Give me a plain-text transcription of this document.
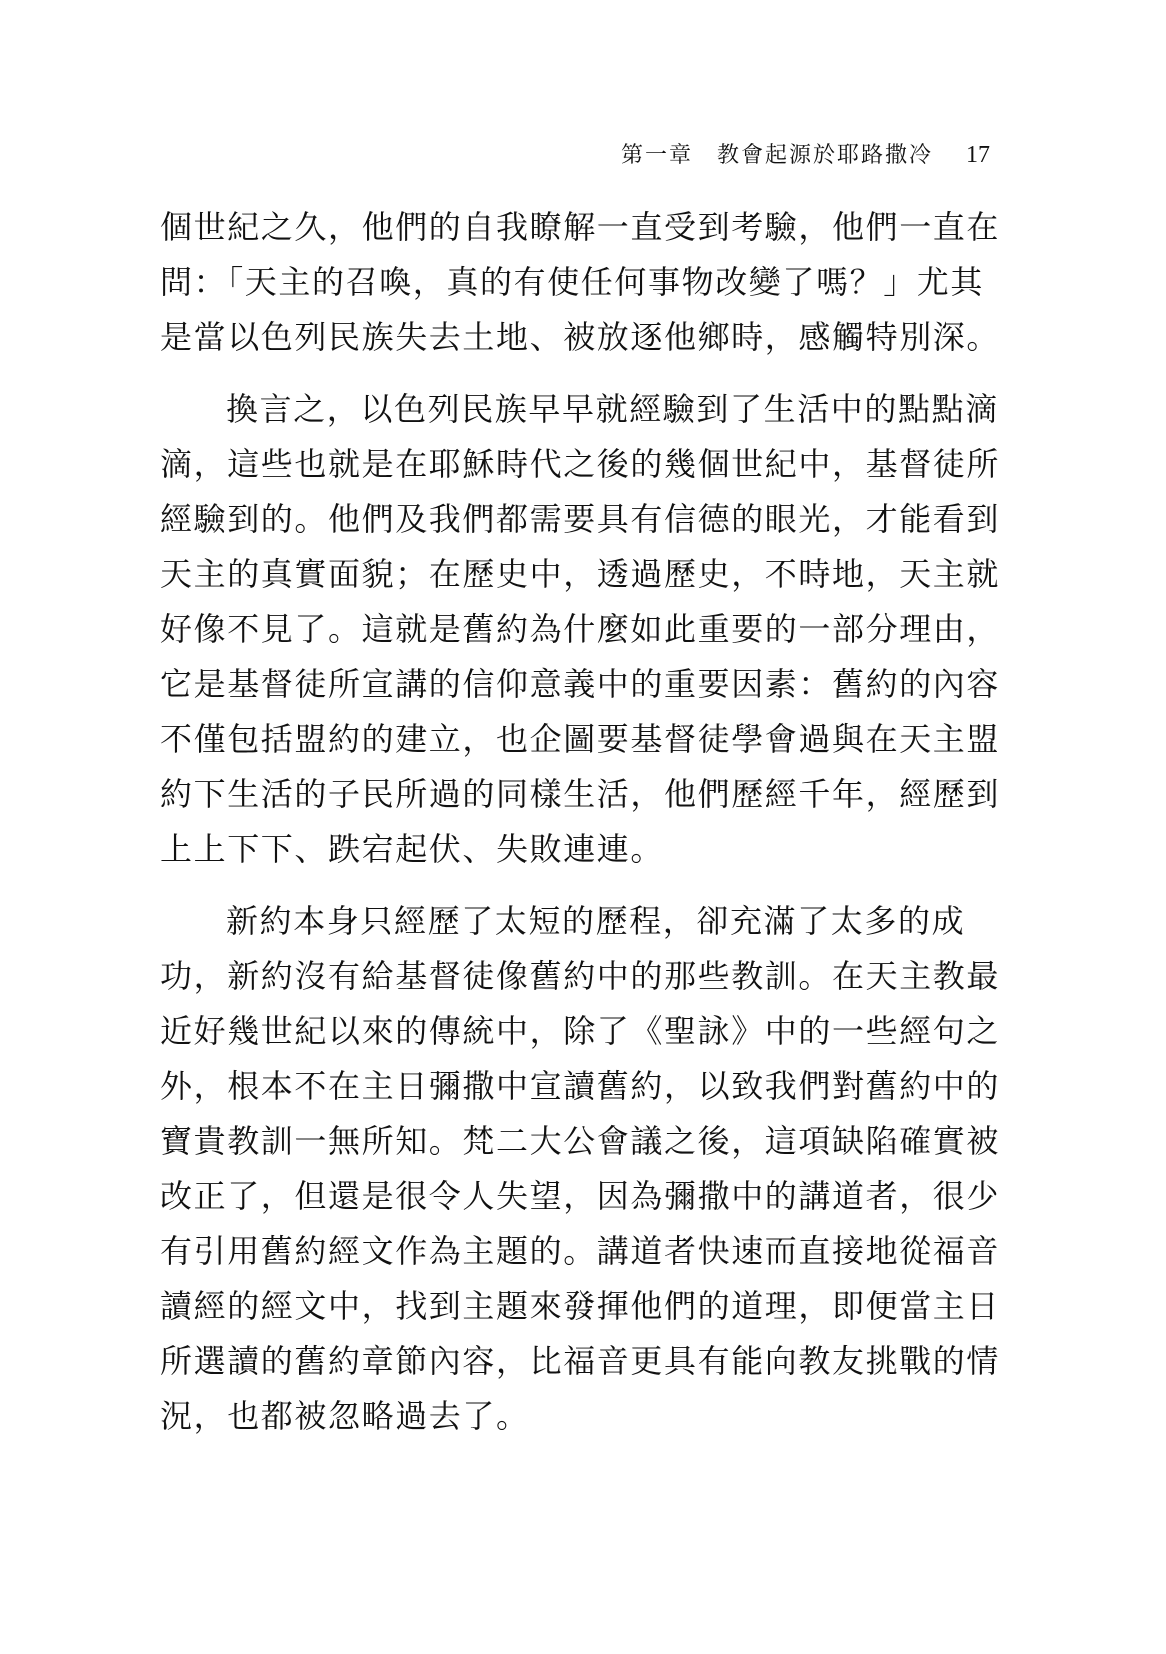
第一章　教會起源於耶路撒冷 17
個世紀之久，他們的自我瞭解一直受到考驗，他們一直在
問：「天主的召喚，真的有使任何事物改變了嗎？」尤其
是當以色列民族失去土地、被放逐他鄉時，感觸特別深。
換言之，以色列民族早早就經驗到了生活中的點點滴
滴，這些也就是在耶穌時代之後的幾個世紀中，基督徒所
經驗到的。他們及我們都需要具有信德的眼光，才能看到
天主的真實面貌；在歷史中，透過歷史，不時地，天主就
好像不見了。這就是舊約為什麼如此重要的一部分理由，
它是基督徒所宣講的信仰意義中的重要因素：舊約的內容
不僅包括盟約的建立，也企圖要基督徒學會過與在天主盟
約下生活的子民所過的同樣生活，他們歷經千年，經歷到
上上下下、跌宕起伏、失敗連連。
新約本身只經歷了太短的歷程，卻充滿了太多的成
功，新約沒有給基督徒像舊約中的那些教訓。在天主教最
近好幾世紀以來的傳統中，除了《聖詠》中的一些經句之
外，根本不在主日彌撒中宣讀舊約，以致我們對舊約中的
寶貴教訓一無所知。梵二大公會議之後，這項缺陷確實被
改正了，但還是很令人失望，因為彌撒中的講道者，很少
有引用舊約經文作為主題的。講道者快速而直接地從福音
讀經的經文中，找到主題來發揮他們的道理，即便當主日
所選讀的舊約章節內容，比福音更具有能向教友挑戰的情
況，也都被忽略過去了。
